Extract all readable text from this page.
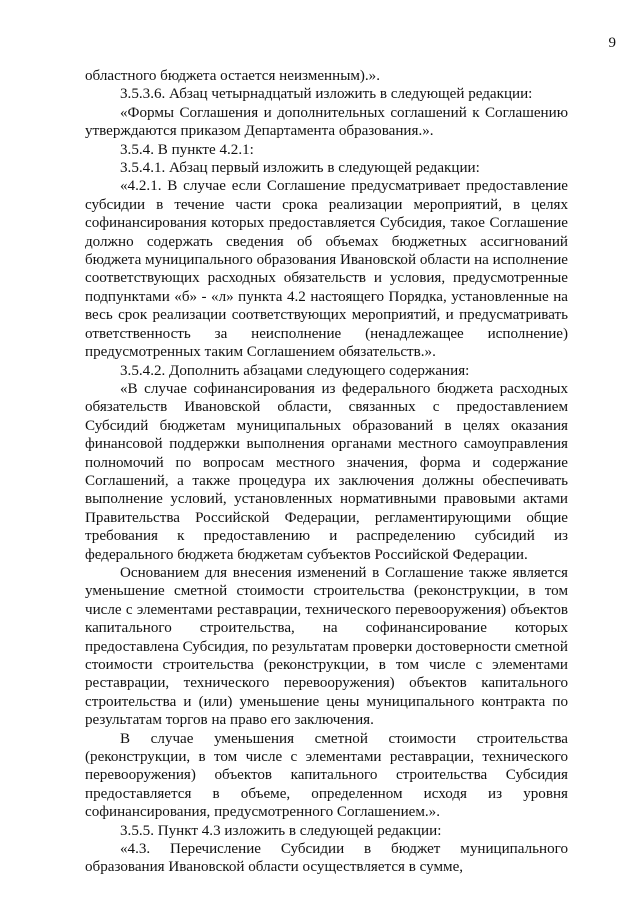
9

областного бюджета остается неизменным).».

3.5.3.6. Абзац четырнадцатый изложить в следующей редакции:

«Формы Соглашения и дополнительных соглашений к Соглашению утверждаются приказом Департамента образования.».

3.5.4. В пункте 4.2.1:

3.5.4.1. Абзац первый изложить в следующей редакции:

«4.2.1. В случае если Соглашение предусматривает предоставление субсидии в течение части срока реализации мероприятий, в целях софинансирования которых предоставляется Субсидия, такое Соглашение должно содержать сведения об объемах бюджетных ассигнований бюджета муниципального образования Ивановской области на исполнение соответствующих расходных обязательств и условия, предусмотренные подпунктами «б» - «л» пункта 4.2 настоящего Порядка, установленные на весь срок реализации соответствующих мероприятий, и предусматривать ответственность за неисполнение (ненадлежащее исполнение) предусмотренных таким Соглашением обязательств.».

3.5.4.2. Дополнить абзацами следующего содержания:

«В случае софинансирования из федерального бюджета расходных обязательств Ивановской области, связанных с предоставлением Субсидий бюджетам муниципальных образований в целях оказания финансовой поддержки выполнения органами местного самоуправления полномочий по вопросам местного значения, форма и содержание Соглашений, а также процедура их заключения должны обеспечивать выполнение условий, установленных нормативными правовыми актами Правительства Российской Федерации, регламентирующими общие требования к предоставлению и распределению субсидий из федерального бюджета бюджетам субъектов Российской Федерации.

Основанием для внесения изменений в Соглашение также является уменьшение сметной стоимости строительства (реконструкции, в том числе с элементами реставрации, технического перевооружения) объектов капитального строительства, на софинансирование которых предоставлена Субсидия, по результатам проверки достоверности сметной стоимости строительства (реконструкции, в том числе с элементами реставрации, технического перевооружения) объектов капитального строительства и (или) уменьшение цены муниципального контракта по результатам торгов на право его заключения.

В случае уменьшения сметной стоимости строительства (реконструкции, в том числе с элементами реставрации, технического перевооружения) объектов капитального строительства Субсидия предоставляется в объеме, определенном исходя из уровня софинансирования, предусмотренного Соглашением.».

3.5.5. Пункт 4.3 изложить в следующей редакции:

«4.3. Перечисление Субсидии в бюджет муниципального образования Ивановской области осуществляется в сумме,
